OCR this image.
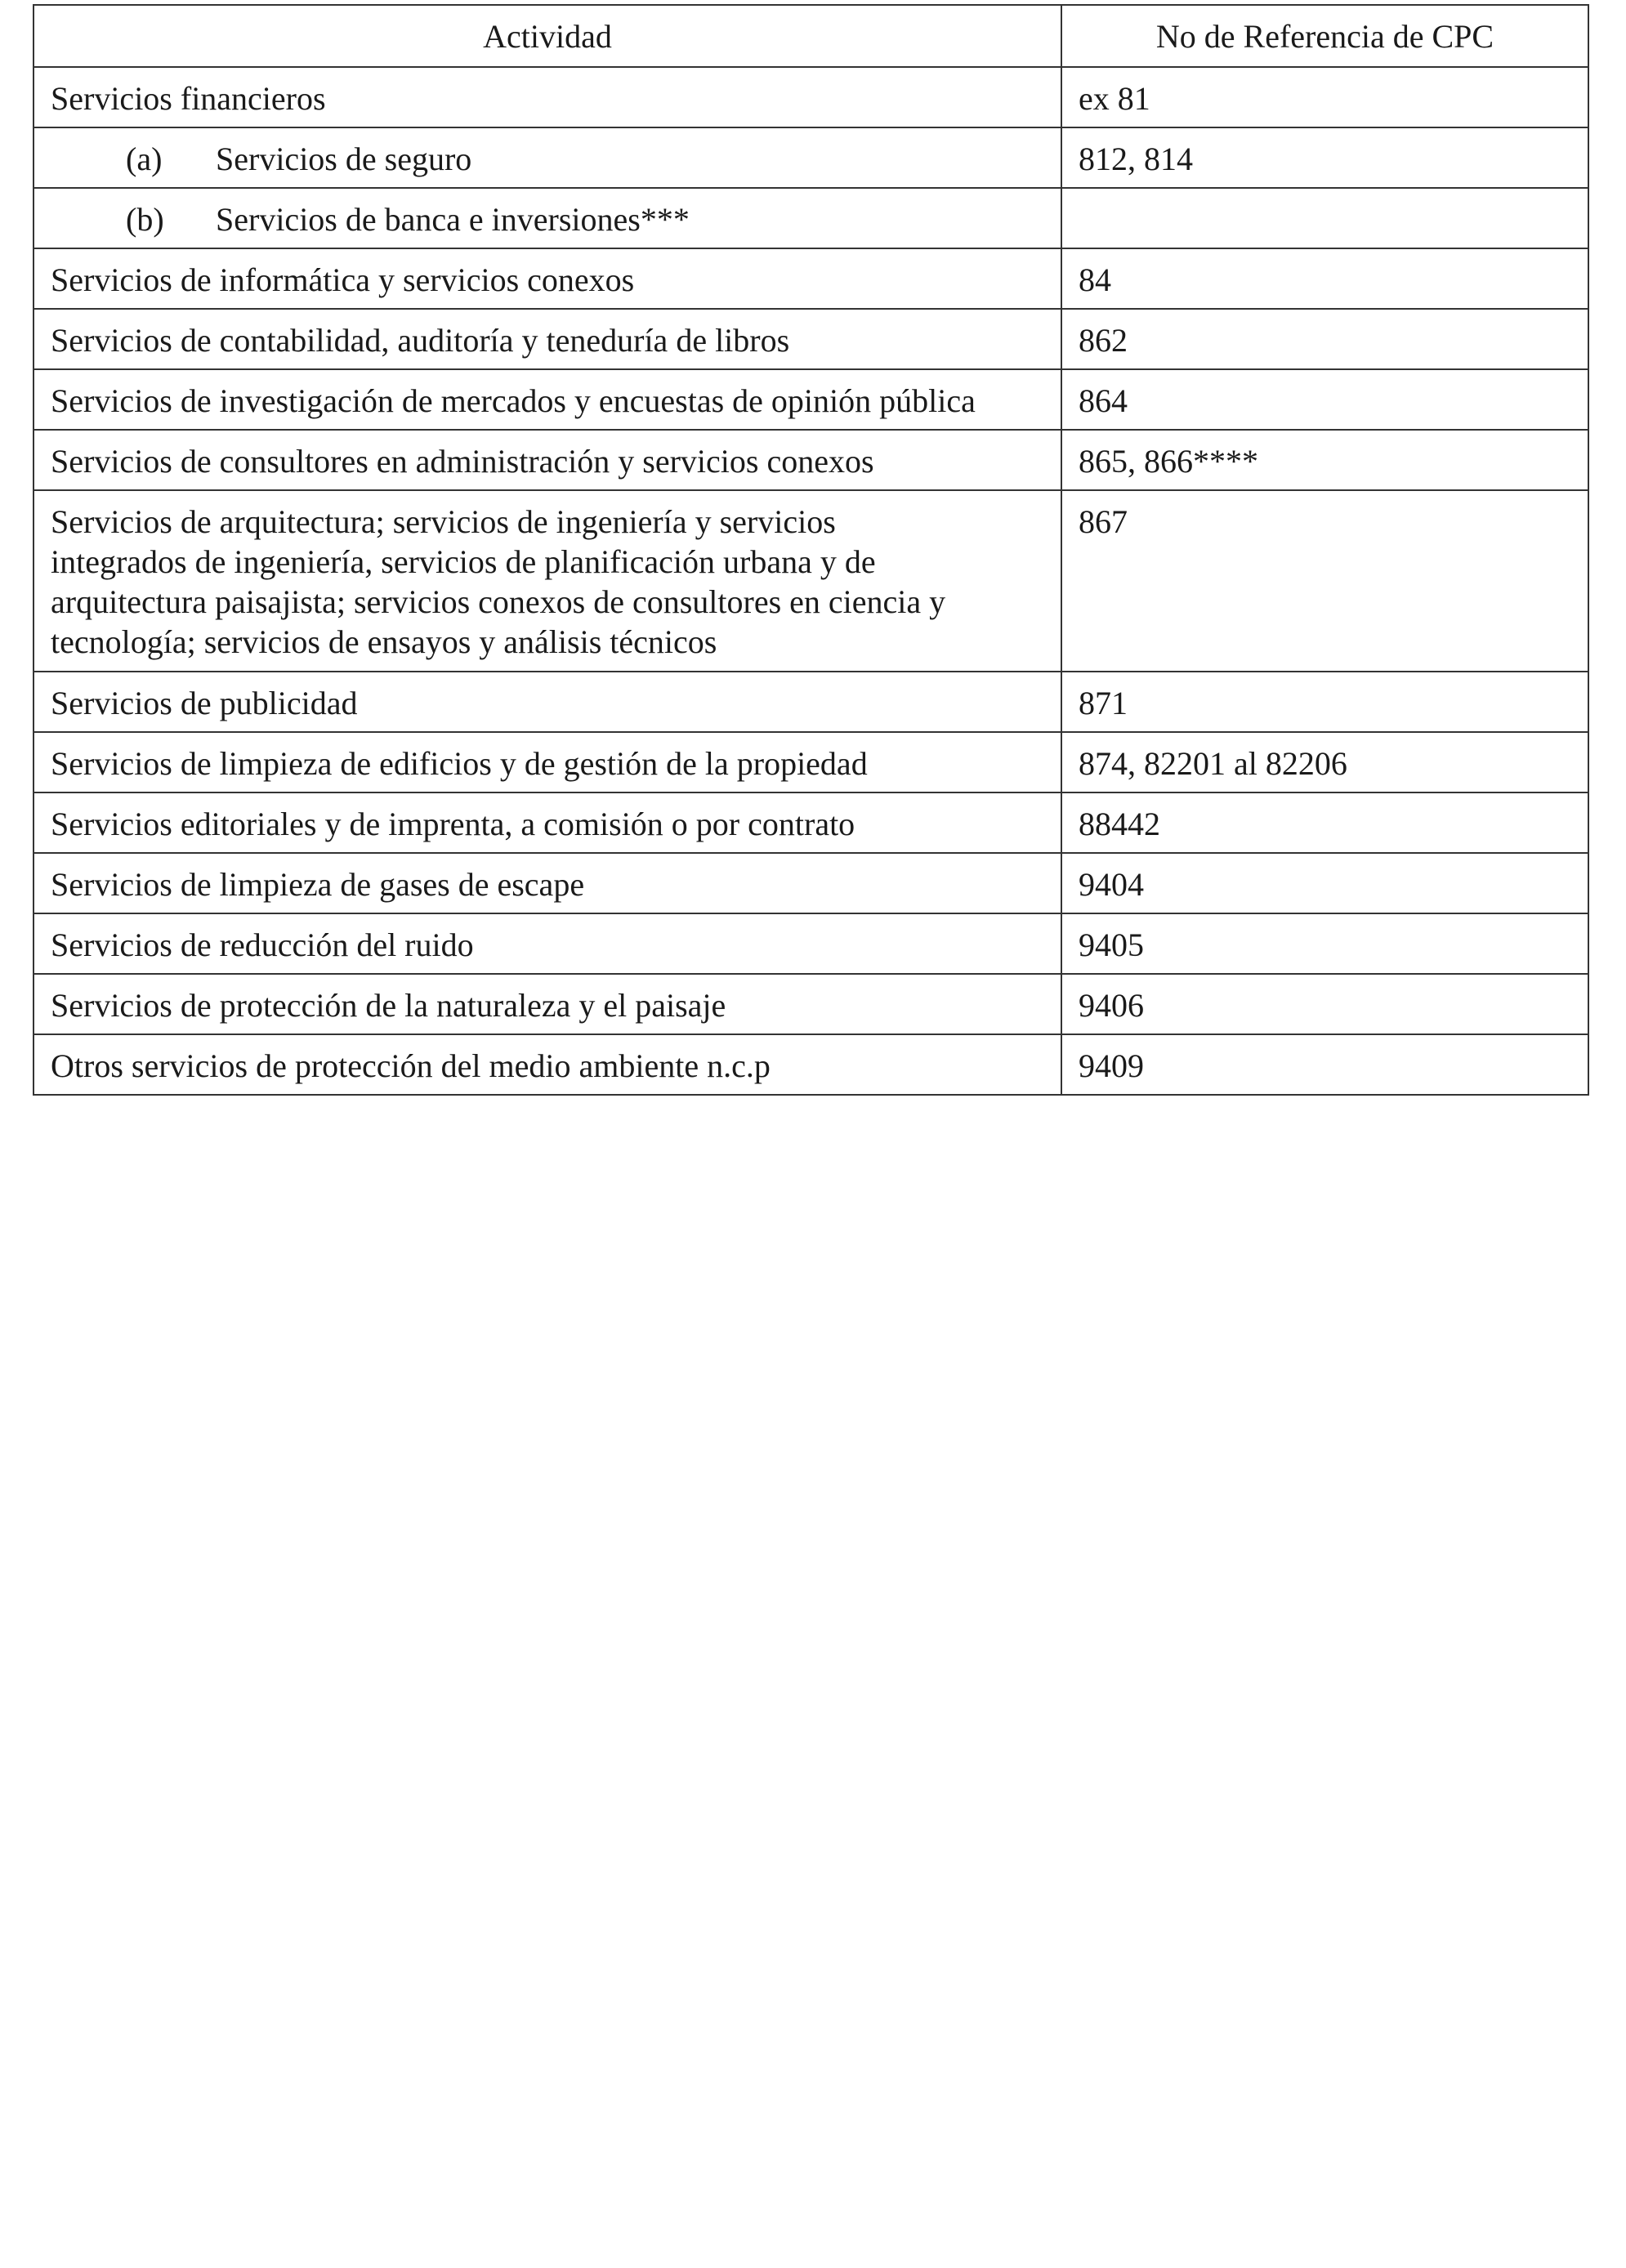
Actividad	No de Referencia de CPC
Servicios financieros	ex 81
(a) Servicios de seguro	812, 814
(b) Servicios de banca e inversiones***	
Servicios de informática y servicios conexos	84
Servicios de contabilidad, auditoría y teneduría de libros	862
Servicios de investigación de mercados y encuestas de opinión pública	864
Servicios de consultores en administración y servicios conexos	865, 866****

Servicios de arquitectura; servicios de ingeniería y servicios
integrados de ingeniería, servicios de planificación urbana y de
arquitectura paisajista; servicios conexos de consultores en ciencia y
tecnología; servicios de ensayos y análisis técnicos	867
Servicios de publicidad	871
Servicios de limpieza de edificios y de gestión de la propiedad	874, 82201 al 82206
Servicios editoriales y de imprenta, a comisión o por contrato	88442
Servicios de limpieza de gases de escape	9404
Servicios de reducción del ruido	9405
Servicios de protección de la naturaleza y el paisaje	9406
Otros servicios de protección del medio ambiente n.c.p	9409
